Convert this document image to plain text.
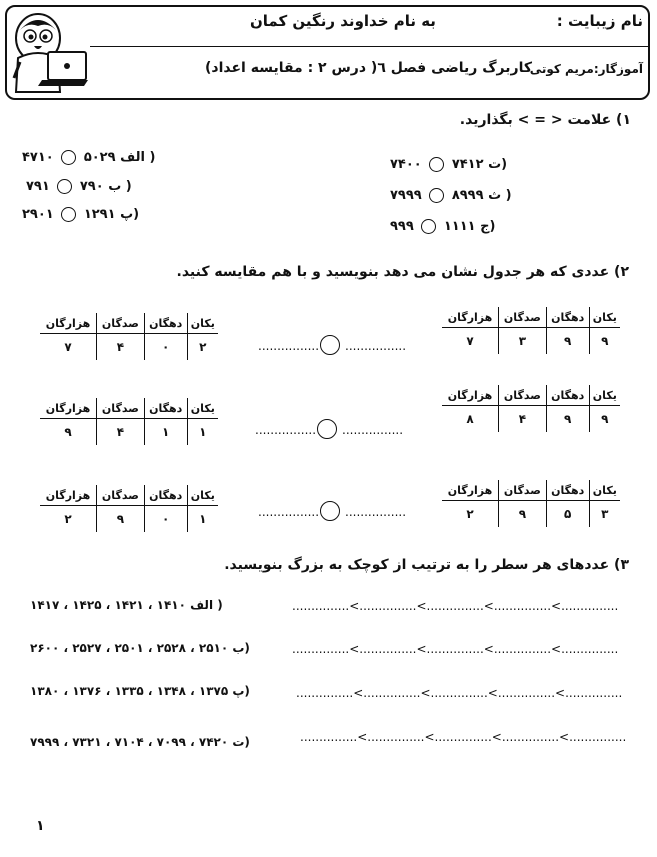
نام زیبایت :
به نام خداوند رنگین کمان
کاربرگ ریاضی فصل ٦( درس ٢ : مقایسه اعداد)
آموزگار:مریم کوتی
۱) علامت < = > بگذارید.
( الف ۵۰۲۹  ۴۷۱۰
( ب ۷۹۰  ۷۹۱
(پ ۱۲۹۱  ۲۹۰۱
(ت ۷۴۱۲  ۷۴۰۰
( ث ۸۹۹۹  ۷۹۹۹
(ج ۱۱۱۱  ۹۹۹
۲) عددی که هر جدول نشان می دهد بنویسید و با هم مقایسه کنید.
یکان	دهگان	صدگان	هزارگان
۹	۹	۳	۷
................
................
یکان	دهگان	صدگان	هزارگان
۲	۰	۴	۷
یکان	دهگان	صدگان	هزارگان
۹	۹	۴	۸
................
................
یکان	دهگان	صدگان	هزارگان
۱	۱	۴	۹
یکان	دهگان	صدگان	هزارگان
۳	۵	۹	۲
................
................
یکان	دهگان	صدگان	هزارگان
۱	۰	۹	۲
۳) عددهای هر سطر را به ترتیب از کوچک به بزرگ بنویسید.
( الف ۱۴۱۰ ، ۱۴۲۱ ، ۱۴۲۵ ، ۱۴۱۷	...............<...............<...............<...............<...............
(ب ۲۵۱۰ ، ۲۵۲۸ ، ۲۵۰۱ ، ۲۵۲۷ ، ۲۶۰۰	...............<...............<...............<...............<...............
(پ ۱۳۷۵ ، ۱۳۴۸ ، ۱۳۳۵ ، ۱۳۷۶ ، ۱۳۸۰	...............<...............<...............<...............<...............
(ت ۷۴۲۰ ، ۷۰۹۹ ، ۷۱۰۴ ، ۷۳۲۱ ، ۷۹۹۹	...............<...............<...............<...............<...............
۱
